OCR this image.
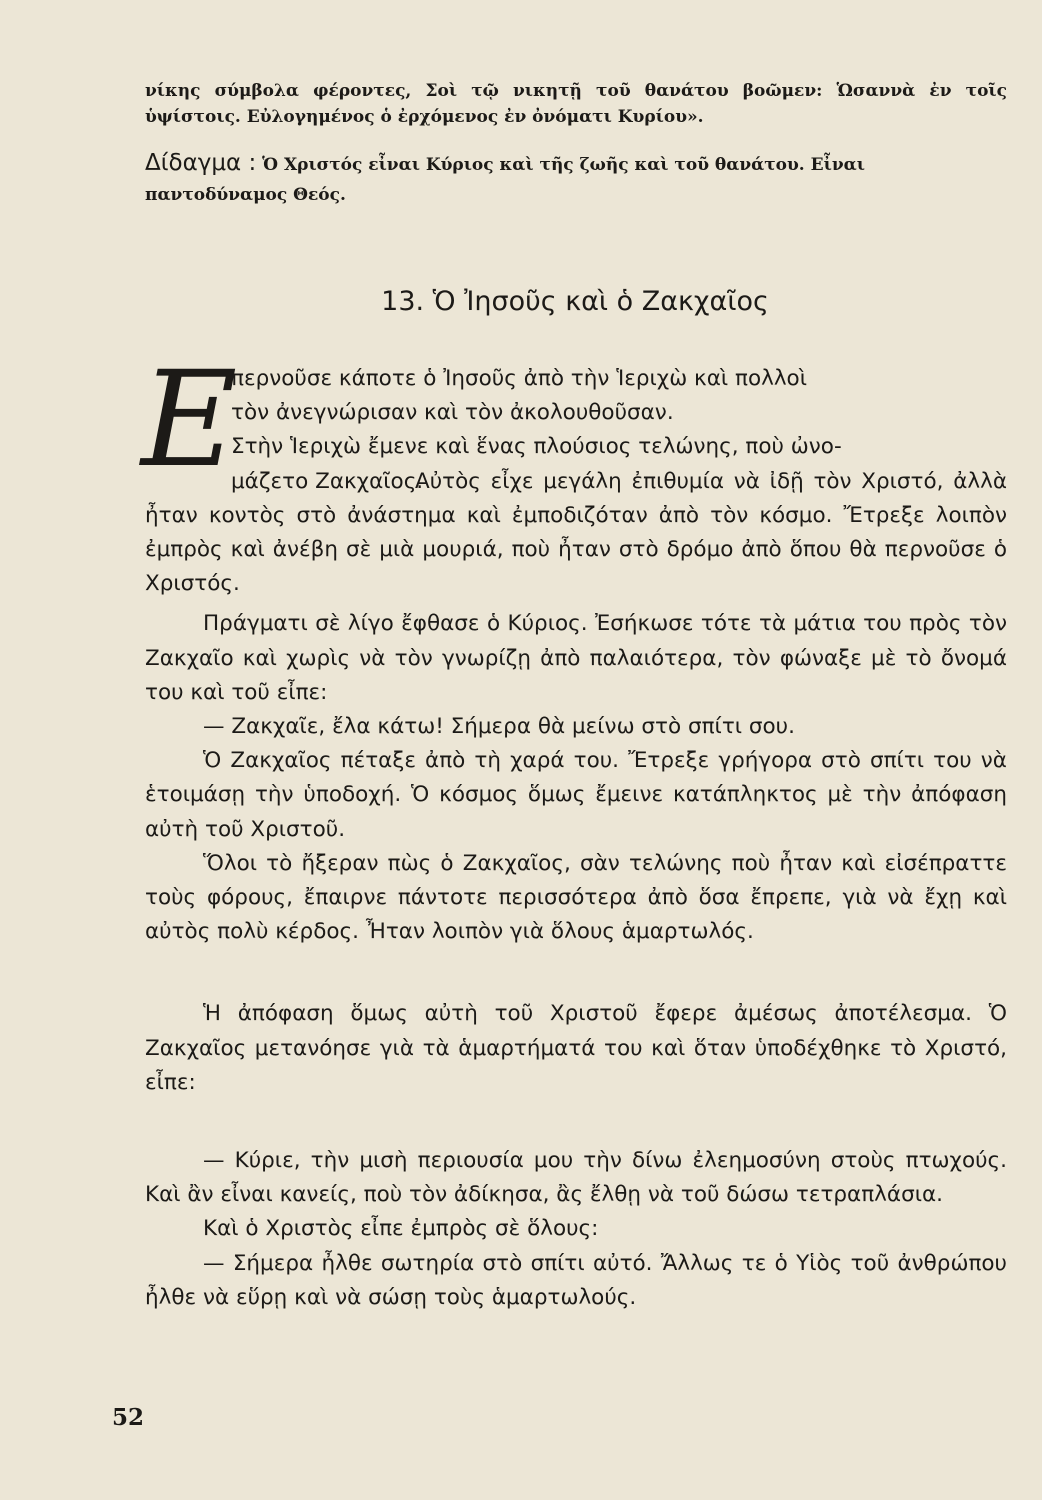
νίκης σύμβολα φέροντες, Σοὶ τῷ νικητῇ τοῦ θανάτου βοῶμεν: Ὡσαννὰ ἐν τοῖς ὑψίστοις. Εὐλογημένος ὁ ἐρχόμενος ἐν ὀνόματι Κυρίου».
Δίδαγμα : Ὁ Χριστός εἶναι Κύριος καὶ τῆς ζωῆς καὶ τοῦ θανάτου. Εἶναι παντοδύναμος Θεός.
13. Ὁ Ἰησοῦς καὶ ὁ Ζακχαῖος
Ε

περνοῦσε κάποτε ὁ Ἰησοῦς ἀπὸ τὴν Ἱεριχὼ καὶ πολλοὶ

τὸν ἀνεγνώρισαν καὶ τὸν ἀκολουθοῦσαν.

Στὴν Ἱεριχὼ ἔμενε καὶ ἕνας πλούσιος τελώνης, ποὺ ὠνο-

μάζετο Ζακχαῖος.

Αὐτὸς εἶχε μεγάλη ἐπιθυμία νὰ ἰδῇ τὸν Χριστό, ἀλλὰ ἦταν κοντὸς στὸ ἀνάστημα καὶ ἐμποδιζόταν ἀπὸ τὸν κόσμο. Ἔτρεξε λοιπὸν ἐμπρὸς καὶ ἀνέβη σὲ μιὰ μουριά, ποὺ ἦταν στὸ δρόμο ἀπὸ ὅπου θὰ περνοῦσε ὁ Χριστός.

Πράγματι σὲ λίγο ἔφθασε ὁ Κύριος. Ἐσήκωσε τότε τὰ μάτια του πρὸς τὸν Ζακχαῖο καὶ χωρὶς νὰ τὸν γνωρίζῃ ἀπὸ παλαιότερα, τὸν φώναξε μὲ τὸ ὄνομά του καὶ τοῦ εἶπε:

— Ζακχαῖε, ἔλα κάτω! Σήμερα θὰ μείνω στὸ σπίτι σου.

Ὁ Ζακχαῖος πέταξε ἀπὸ τὴ χαρά του. Ἔτρεξε γρήγορα στὸ σπίτι του νὰ ἑτοιμάσῃ τὴν ὑποδοχή. Ὁ κόσμος ὅμως ἔμεινε κατάπληκτος μὲ τὴν ἀπόφαση αὐτὴ τοῦ Χριστοῦ.

Ὅλοι τὸ ἤξεραν πὼς ὁ Ζακχαῖος, σὰν τελώνης ποὺ ἦταν καὶ εἰσέπραττε τοὺς φόρους, ἔπαιρνε πάντοτε περισσότερα ἀπὸ ὅσα ἔπρεπε, γιὰ νὰ ἔχῃ καὶ αὐτὸς πολὺ κέρδος. Ἦταν λοιπὸν γιὰ ὅλους ἁμαρτωλός.

Ἡ ἀπόφαση ὅμως αὐτὴ τοῦ Χριστοῦ ἔφερε ἀμέσως ἀποτέλεσμα. Ὁ Ζακχαῖος μετανόησε γιὰ τὰ ἁμαρτήματά του καὶ ὅταν ὑποδέχθηκε τὸ Χριστό, εἶπε:

— Κύριε, τὴν μισὴ περιουσία μου τὴν δίνω ἐλεημοσύνη στοὺς πτωχούς. Καὶ ἂν εἶναι κανείς, ποὺ τὸν ἀδίκησα, ἂς ἔλθῃ νὰ τοῦ δώσω τετραπλάσια.

Καὶ ὁ Χριστὸς εἶπε ἐμπρὸς σὲ ὅλους:

— Σήμερα ἦλθε σωτηρία στὸ σπίτι αὐτό. Ἄλλως τε ὁ Υἱὸς τοῦ ἀνθρώπου ἦλθε νὰ εὕρῃ καὶ νὰ σώσῃ τοὺς ἁμαρτωλούς.

52
